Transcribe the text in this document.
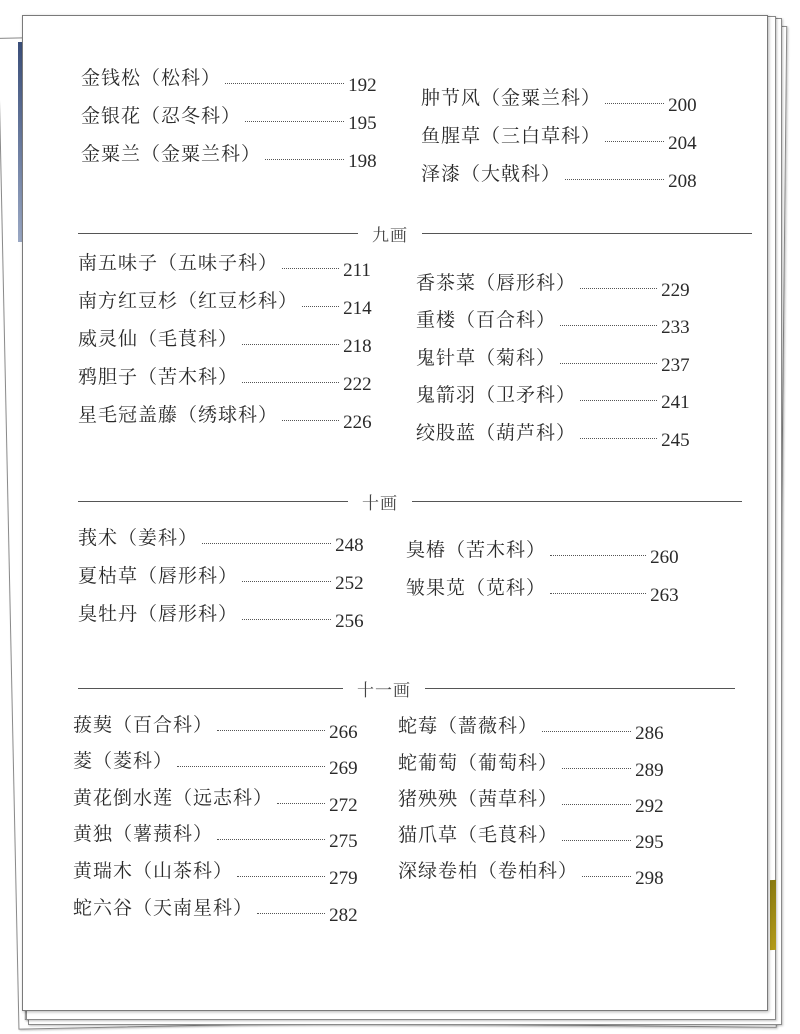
金钱松 （ 松科 ）	192
金银花 （ 忍冬科 ）	195
金粟兰 （ 金粟兰科 ）	198
肿节风 （ 金粟兰科 ）	200
鱼腥草 （ 三白草科 ）	204
泽漆 （ 大戟科 ）	208
九画
南五味子 （ 五味子科 ）	211
南方红豆杉 （ 红豆杉科 ） 214
威灵仙 （ 毛茛科 ）	218
鸦胆子 （ 苦木科 ）	222
星毛冠盖藤 （ 绣球科 ）	226
香茶菜 （ 唇形科 ）	229
重楼 （ 百合科 ）	233
鬼针草 （ 菊科 ）	237
鬼箭羽 （ 卫矛科 ）	241
绞股蓝 （ 葫芦科 ）	245
十画
莪术 （ 姜科 ）	248
夏枯草 （ 唇形科 ）	252
臭牡丹 （ 唇形科 ）	256
臭椿 （ 苦木科 ）	260
皱果苋 （ 苋科 ）	263
十一画
菝葜 （ 百合科 ）	266
菱 （ 菱科 ）	269
黄花倒水莲 （ 远志科 ）	272
黄独 （ 薯蓣科 ）	275
黄瑞木 （ 山茶科 ）	279
蛇六谷 （ 天南星科 ）	282
蛇莓 （ 蔷薇科 ）	286
蛇葡萄 （ 葡萄科 ）	289
猪殃殃 （ 茜草科 ）	292
猫爪草 （ 毛茛科 ）	295
深绿卷柏 （ 卷柏科 ）	298
